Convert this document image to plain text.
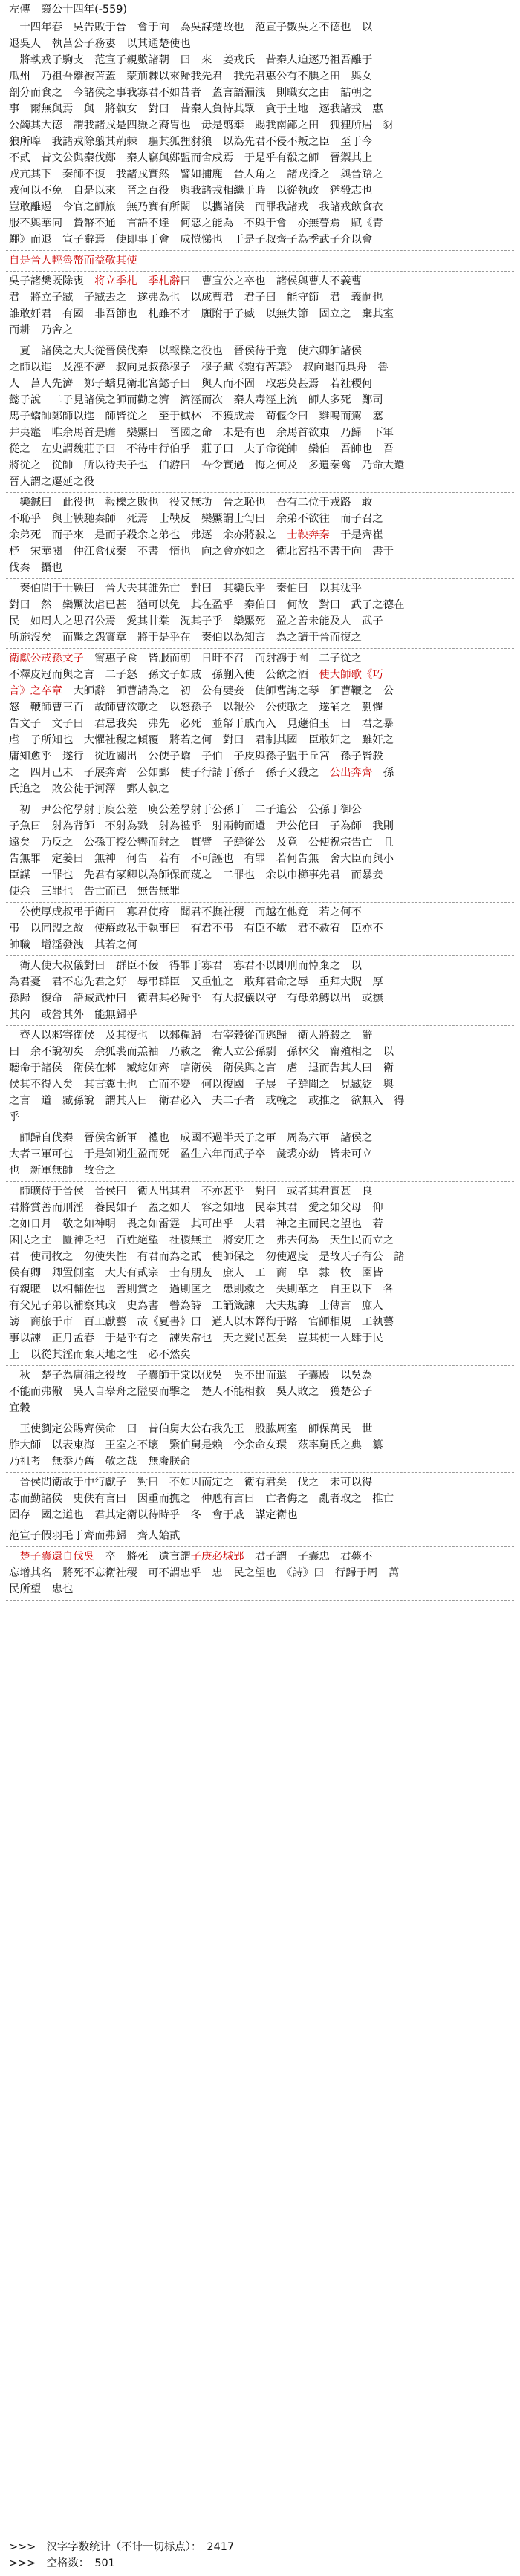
左傳　襄公十四年(-559)
　十四年春　吳告敗于晉　會于向　為吳謀楚故也　范宣子數吳之不德也　以
退吳人　執莒公子務婁　以其通楚使也
　將執戎子駒支　范宣子親數諸朝　曰　來　姜戎氏　昔秦人迫逐乃祖吾離于
瓜州　乃祖吾離被苫蓋　蒙荊棘以來歸我先君　我先君惠公有不腆之田　與女
剖分而食之　今諸侯之事我寡君不如昔者　蓋言語漏洩　則職女之由　詰朝之
事　爾無與焉　與　將執女　對曰　昔秦人負恃其眾　貪于土地　逐我諸戎　惠
公蠲其大德　謂我諸戎是四嶽之裔胄也　毋是翦棄　賜我南鄙之田　狐狸所居　豺
狼所嗥　我諸戎除翦其荊棘　驅其狐狸豺狼　以為先君不侵不叛之臣　至于今
不貳　昔文公與秦伐鄭　秦人竊與鄭盟而舍戍焉　于是乎有殽之師　晉禦其上　
戎亢其下　秦師不復　我諸戎實然　譬如捕鹿　晉人角之　諸戎掎之　與晉踣之　
戎何以不免　自是以來　晉之百役　與我諸戎相繼于時　以從執政　猶殽志也　
豈敢離逷　今官之師旅　無乃實有所闕　以攜諸侯　而罪我諸戎　我諸戎飲食衣
服不與華同　贄幣不通　言語不達　何惡之能為　不與于會　亦無瞢焉　賦《青
蠅》而退　宣子辭焉　使即事于會　成愷悌也　于是子叔齊子為季武子介以會
自是晉人輕魯幣而益敬其使
吳子諸樊既除喪　将立季札　 季札辭曰　曹宣公之卒也　諸侯與曹人不義曹
君　將立子臧　子臧去之　遂弗為也　以成曹君　君子曰　能守節　君　義嗣也
誰敢奸君　有國　非吾節也　札雖不才　願附于子臧　以無失節　固立之　棄其室
而耕　乃舍之
　夏　諸侯之大夫從晉侯伐秦　以報櫟之役也　晉侯待于竟　使六卿帥諸侯
之師以進　及涇不濟　叔向見叔孫穆子　穆子賦《匏有苦葉》　叔向退而具舟　魯
人　莒人先濟　鄭子蟜見衛北宮懿子曰　與人而不固　取惡莫甚焉　若社稷何
懿子說　二子見諸侯之師而勸之濟　濟涇而次　秦人毒涇上流　師人多死　鄭司
馬子蟜帥鄭師以進　師皆從之　至于棫林　不獲成焉　荀偃令曰　雞鳴而駕　塞
井夷竈　唯余馬首是瞻　欒黶曰　晉國之命　未是有也　余馬首欲東　乃歸　下軍
從之　左史謂魏莊子曰　不待中行伯乎　莊子曰　夫子命從帥　欒伯　吾帥也　吾
將從之　從帥　所以待夫子也　伯游曰　吾令實過　悔之何及　多遺秦禽　乃命大還
晉人謂之遷延之役
　欒鍼曰　此役也　報櫟之敗也　役又無功　晉之恥也　吾有二位于戎路　敢
不恥乎　與士鞅馳秦師　死焉　士鞅反　欒黶謂士匄曰　余弟不欲往　而子召之
余弟死　而子來　是而子殺余之弟也　弗逐　余亦將殺之　士鞅奔秦　于是齊崔
杼　宋華閱　仲江會伐秦　不書　惰也　向之會亦如之　衛北宮括不書于向　書于
伐秦　攝也
　秦伯問于士鞅曰　晉大夫其誰先亡　對曰　其欒氏乎　秦伯曰　以其汰乎
對曰　然　欒黶汰虐已甚　猶可以免　其在盈乎　秦伯曰　何故　對曰　武子之德在
民　如周人之思召公焉　愛其甘棠　況其子乎　欒黶死　盈之善未能及人　武子
所施沒矣　而黶之怨實章　將于是乎在　秦伯以為知言　為之請于晉而復之
衛獻公戒孫文子　甯惠子食　皆服而朝　日旰不召　而射鴻于囿　二子從之
不釋皮冠而與之言　二子怒　孫文子如戚　孫蒯入使　公飲之酒　使大師歌《巧
言》之卒章　大師辭　師曹請為之　初　公有嬖妾　使師曹誨之琴　師曹鞭之　公
怒　鞭師曹三百　故師曹欲歌之　以怒孫子　以報公　公使歌之　遂誦之　蒯懼
告文子　文子曰　君忌我矣　弗先　必死　並帑于戚而入　見蘧伯玉　曰　君之暴
虐　子所知也　大懼社稷之傾覆　將若之何　對曰　君制其國　臣敢奸之　雖奸之
庸知愈乎　遂行　從近關出　公使子蟜　子伯　子皮與孫子盟于丘宮　孫子皆殺
之　四月己未　子展奔齊　公如鄄　使子行請于孫子　孫子又殺之　公出奔齊　孫
氏追之　敗公徒于河澤　鄄人執之
　初　尹公佗學射于庾公差　庾公差學射于公孫丁　二子追公　公孫丁御公
子魚曰　射為背師　不射為戮　射為禮乎　射兩軥而還　尹公佗曰　子為師　我則
遠矣　乃反之　公孫丁授公轡而射之　貫臂　子鮮從公　及竟　公使祝宗告亡　且
告無罪　定姜曰　無神　何告　若有　不可誣也　有罪　若何告無　舍大臣而與小
臣謀　一罪也　先君有冢卿以為師保而蔑之　二罪也　余以巾櫛事先君　而暴妾
使余　三罪也　告亡而已　無告無罪
　公使厚成叔弔于衛曰　寡君使瘠　聞君不撫社稷　而越在他竟　若之何不
弔　以同盟之故　使瘠敢私于執事曰　有君不弔　有臣不敏　君不赦宥　臣亦不
帥職　增淫發洩　其若之何
　衛人使大叔儀對曰　群臣不佞　得罪于寡君　寡君不以即刑而悼棄之　以
為君憂　君不忘先君之好　辱弔群臣　又重恤之　敢拜君命之辱　重拜大貺　厚
孫歸　復命　語臧武仲曰　衛君其必歸乎　有大叔儀以守　有母弟鱄以出　或撫
其內　或營其外　能無歸乎
　齊人以郲寄衛侯　及其復也　以郲糧歸　右宰穀從而逃歸　衛人將殺之　辭
曰　余不說初矣　余狐裘而羔袖　乃赦之　衛人立公孫剽　孫林父　甯殖相之　以
聽命于諸侯　衛侯在郲　臧紇如齊　唁衛侯　衛侯與之言　虐　退而告其人曰　衛
侯其不得入矣　其言糞土也　亡而不變　何以復國　子展　子鮮聞之　見臧紇　與
之言　道　臧孫說　謂其人曰　衛君必入　夫二子者　或輓之　或推之　欲無入　得
乎
　師歸自伐秦　晉侯舍新軍　禮也　成國不過半天子之軍　周為六軍　諸侯之
大者三軍可也　于是知朔生盈而死　盈生六年而武子卒　彘裘亦幼　皆未可立
也　新軍無帥　故舍之
　師曠侍于晉侯　晉侯曰　衛人出其君　不亦甚乎　對曰　或者其君實甚　良
君將賞善而刑淫　養民如子　蓋之如天　容之如地　民奉其君　愛之如父母　仰
之如日月　敬之如神明　畏之如雷霆　其可出乎　夫君　神之主而民之望也　若
困民之主　匱神乏祀　百姓絕望　社稷無主　將安用之　弗去何為　天生民而立之
君　使司牧之　勿使失性　有君而為之貳　使師保之　勿使過度　是故天子有公　諸
侯有卿　卿置側室　大夫有貳宗　士有朋友　庶人　工　商　皁　隸　牧　圉皆
有親暱　以相輔佐也　善則賞之　過則匡之　患則救之　失則革之　自王以下　各
有父兄子弟以補察其政　史為書　瞽為詩　工誦箴諫　大夫規誨　士傳言　庶人
謗　商旅于市　百工獻藝　故《夏書》曰　遒人以木鐸徇于路　官師相規　工執藝
事以諫　正月孟春　于是乎有之　諫失常也　天之愛民甚矣　豈其使一人肆于民
上　以從其淫而棄天地之性　必不然矣
　秋　楚子為庸浦之役故　子囊師于棠以伐吳　吳不出而還　子囊殿　以吳為
不能而弗儆　吳人自皋舟之隘要而擊之　楚人不能相救　吳人敗之　獲楚公子
宜穀
　王使劉定公賜齊侯命　曰　昔伯舅大公右我先王　股肱周室　師保萬民　世
胙大師　以表東海　王室之不壞　繄伯舅是賴　今余命女環　茲率舅氏之典　纂
乃祖考　無忝乃舊　敬之哉　無廢朕命
　晉侯問衛故于中行獻子　對曰　不如因而定之　衛有君矣　伐之　未可以得
志而勤諸侯　史佚有言曰　因重而撫之　仲虺有言曰　亡者侮之　亂者取之　推亡
固存　國之道也　君其定衛以待時乎　冬　會于戚　謀定衛也
范宣子假羽毛于齊而弗歸　齊人始貳
　楚子囊還自伐吳　卒　將死　遺言謂子庚必城郢　君子謂　子囊忠　君薨不
忘增其名　將死不忘衛社稷　可不謂忠乎　忠　民之望也　《詩》曰　行歸于周　萬
民所望　忠也
>>>　汉字字数统计（不计一切标点）：　2417
>>>　空格数：　501
